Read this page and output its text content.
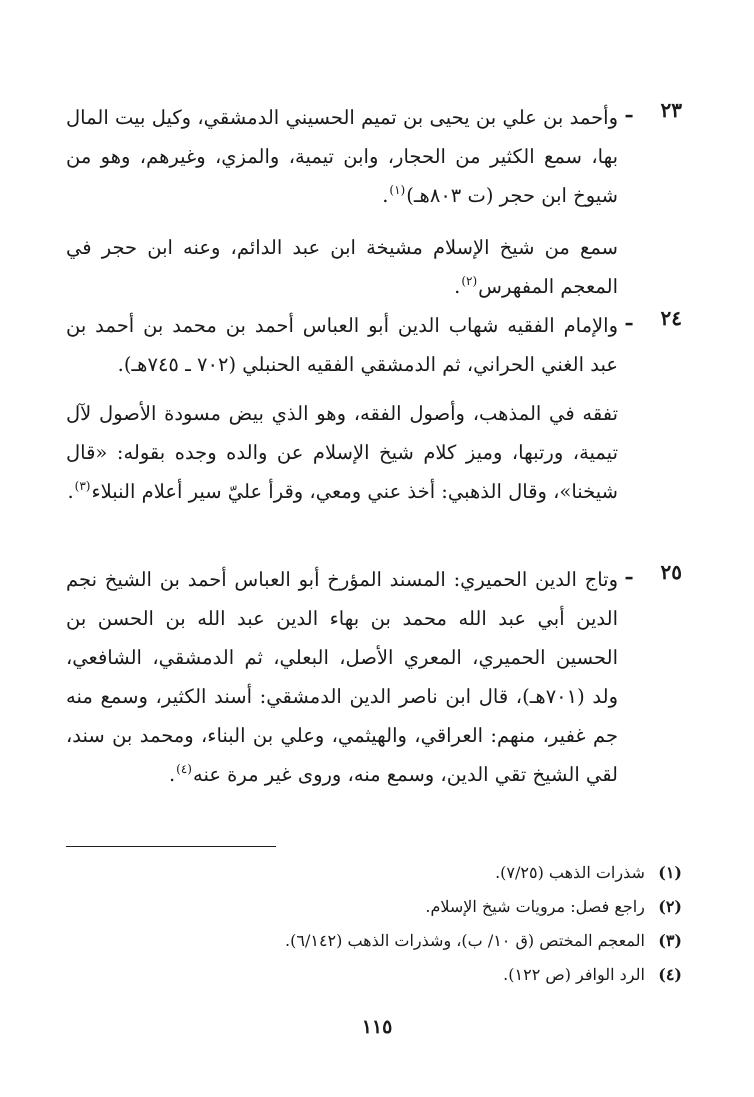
٢٣
ـ
وأحمد بن علي بن يحيى بن تميم الحسيني الدمشقي، وكيل بيت المال بها، سمع الكثير من الحجار، وابن تيمية، والمزي، وغيرهم، وهو من شيوخ ابن حجر (ت ٨٠٣هـ)$^{(١)}$.
سمع من شيخ الإسلام مشيخة ابن عبد الدائم، وعنه ابن حجر في المعجم المفهرس$^{(٢)}$.
٢٤
ـ
والإمام الفقيه شهاب الدين أبو العباس أحمد بن محمد بن أحمد بن عبد الغني الحراني، ثم الدمشقي الفقيه الحنبلي (٧٠٢ ـ ٧٤٥هـ).
تفقه في المذهب، وأصول الفقه، وهو الذي بيض مسودة الأصول لآل تيمية، ورتبها، وميز كلام شيخ الإسلام عن والده وجده بقوله: «قال شيخنا»، وقال الذهبي: أخذ عني ومعي، وقرأ عليّ سير أعلام النبلاء$^{(٣)}$.
٢٥
ـ
وتاج الدين الحميري: المسند المؤرخ أبو العباس أحمد بن الشيخ نجم الدين أبي عبد الله محمد بن بهاء الدين عبد الله بن الحسن بن الحسين الحميري، المعري الأصل، البعلي، ثم الدمشقي، الشافعي، ولد (٧٠١هـ)، قال ابن ناصر الدين الدمشقي: أسند الكثير، وسمع منه جم غفير، منهم: العراقي، والهيثمي، وعلي بن البناء، ومحمد بن سند، لقي الشيخ تقي الدين، وسمع منه، وروى غير مرة عنه$^{(٤)}$.
(١) شذرات الذهب (٧/٢٥).
(٢) راجع فصل: مرويات شيخ الإسلام.
(٣) المعجم المختص (ق ١٠/ ب)، وشذرات الذهب (٦/١٤٢).
(٤) الرد الوافر (ص ١٢٢).
١١٥
